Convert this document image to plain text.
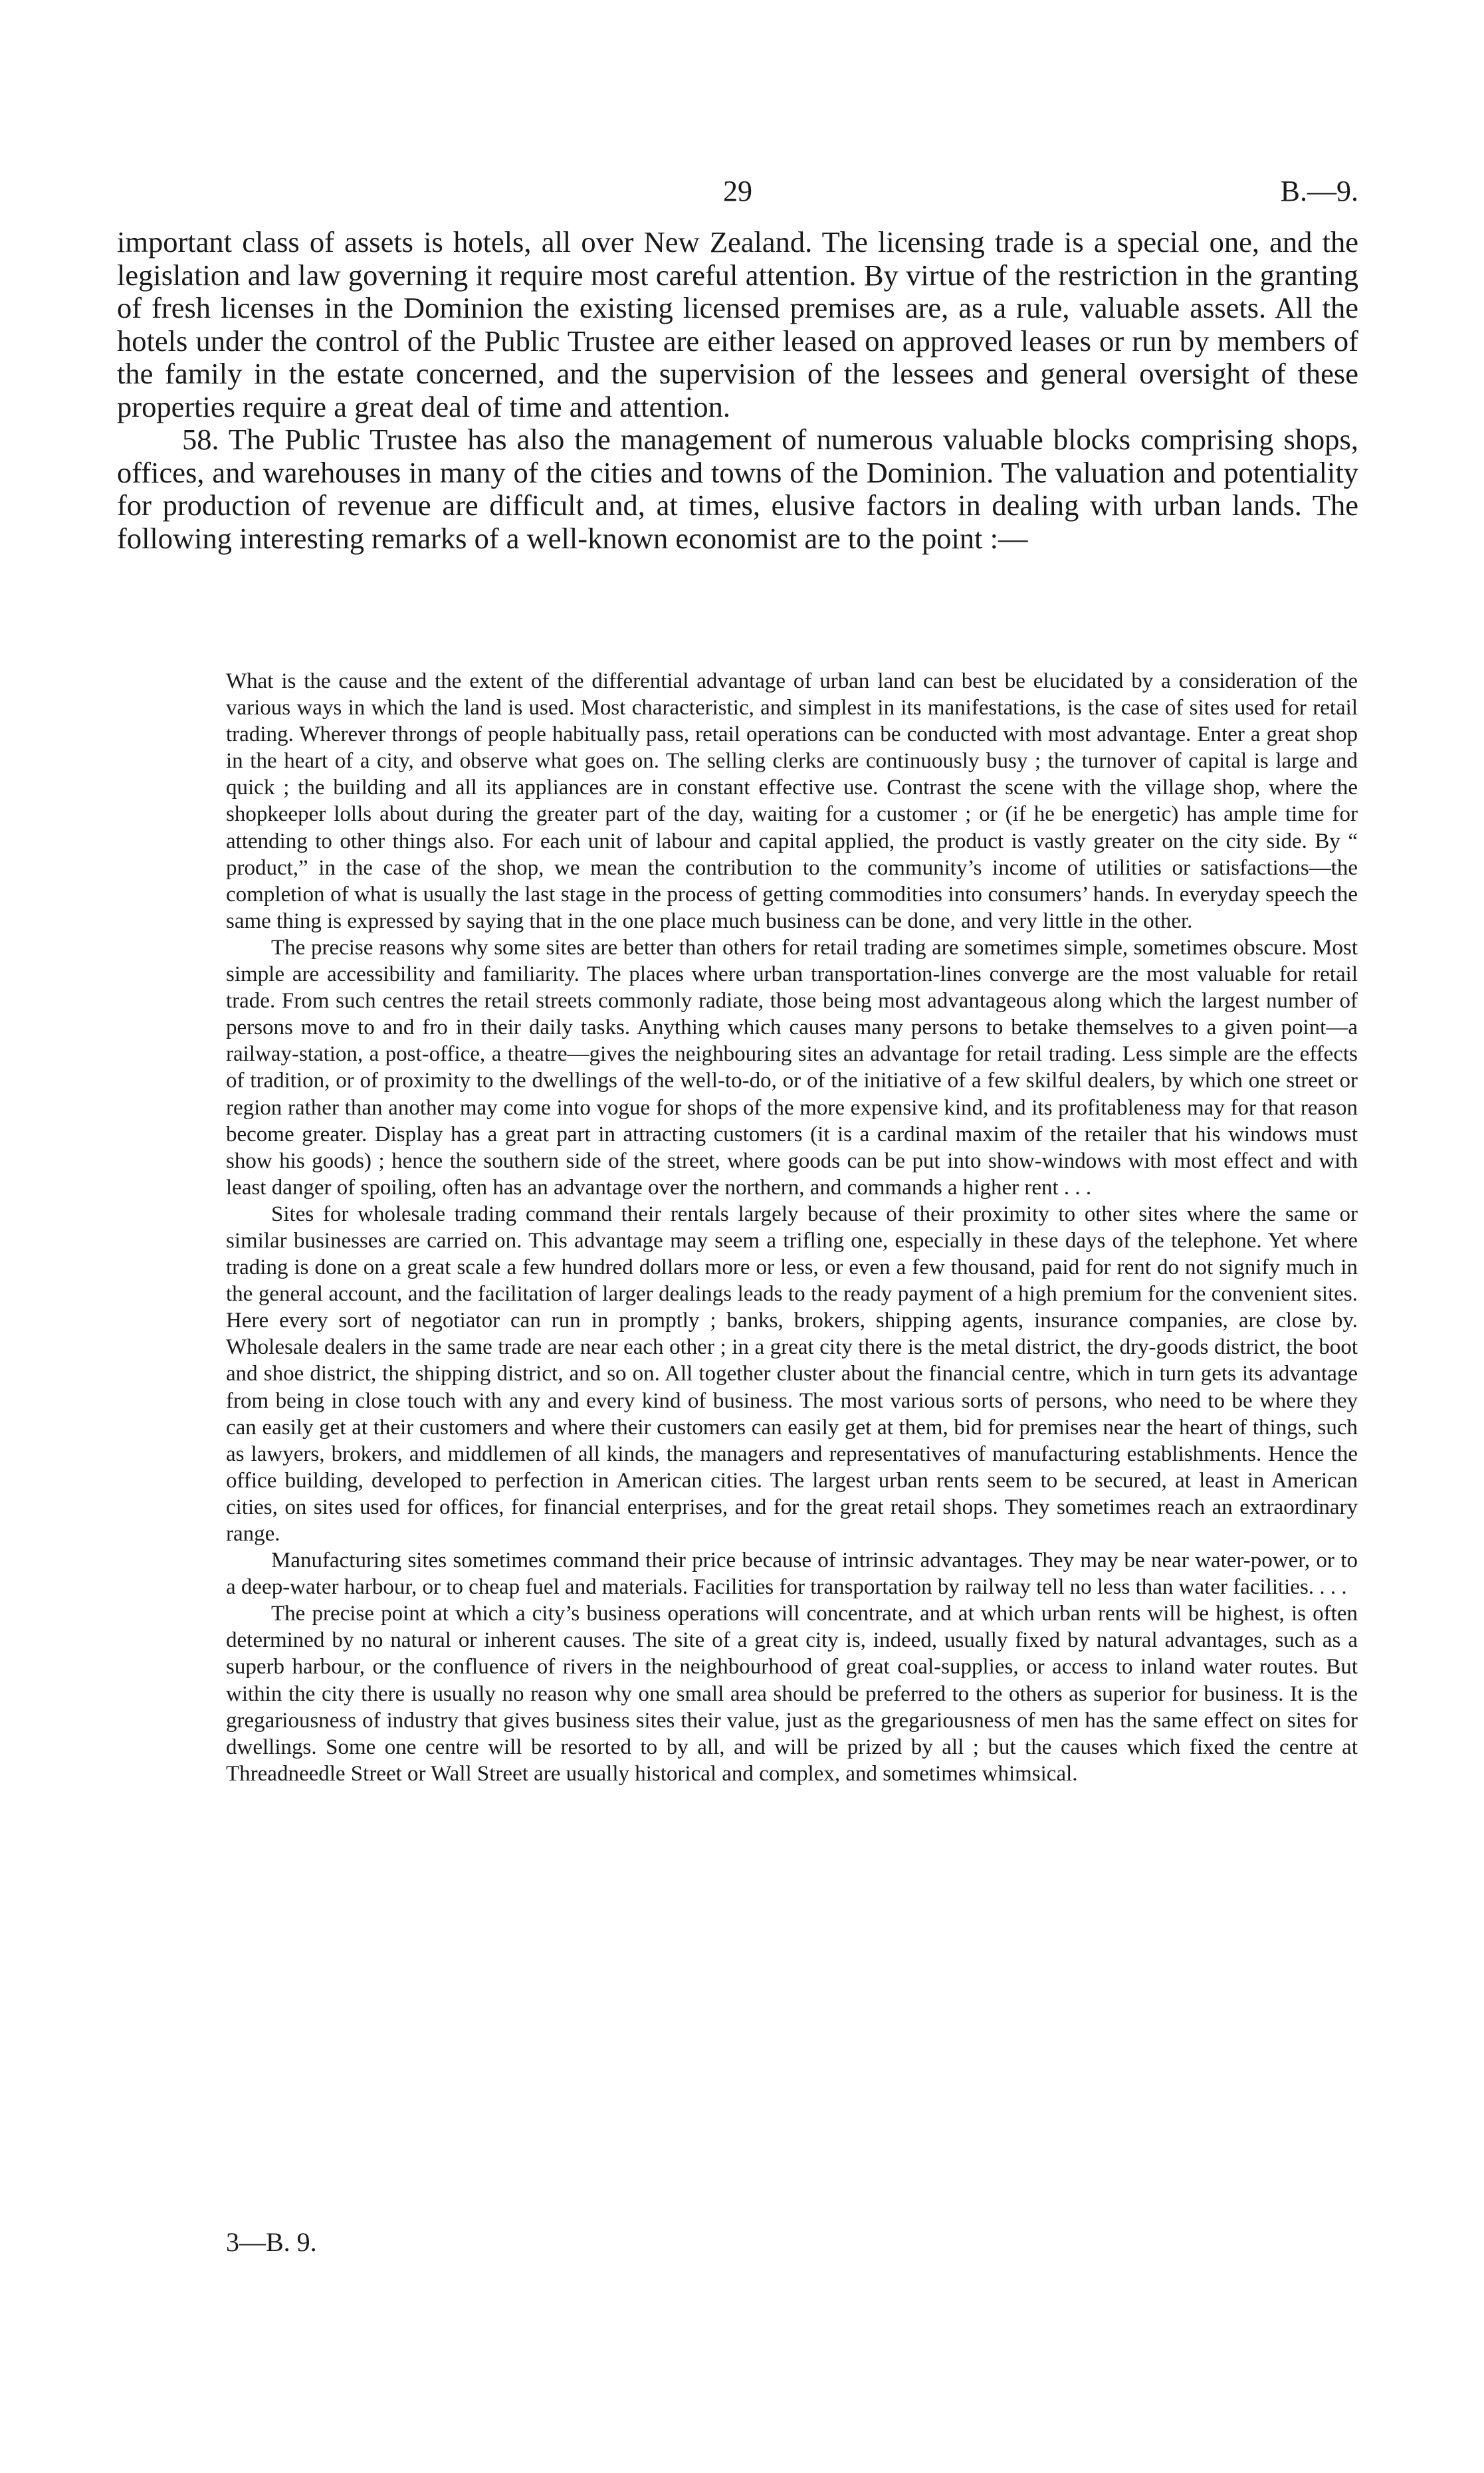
29	B.—9.

important class of assets is hotels, all over New Zealand. The licensing trade is a special one, and the legislation and law governing it require most careful attention. By virtue of the restriction in the granting of fresh licenses in the Dominion the existing licensed premises are, as a rule, valuable assets. All the hotels under the control of the Public Trustee are either leased on approved leases or run by members of the family in the estate concerned, and the supervision of the lessees and general oversight of these properties require a great deal of time and attention.

58. The Public Trustee has also the management of numerous valuable blocks comprising shops, offices, and warehouses in many of the cities and towns of the Dominion. The valuation and potentiality for production of revenue are difficult and, at times, elusive factors in dealing with urban lands. The following interesting remarks of a well-known economist are to the point :—

What is the cause and the extent of the differential advantage of urban land can best be elucidated by a consideration of the various ways in which the land is used. Most characteristic, and simplest in its manifestations, is the case of sites used for retail trading. Wherever throngs of people habitually pass, retail operations can be conducted with most advantage. Enter a great shop in the heart of a city, and observe what goes on. The selling clerks are continuously busy ; the turnover of capital is large and quick ; the building and all its appliances are in constant effective use. Contrast the scene with the village shop, where the shopkeeper lolls about during the greater part of the day, waiting for a customer ; or (if he be energetic) has ample time for attending to other things also. For each unit of labour and capital applied, the product is vastly greater on the city side. By “ product,” in the case of the shop, we mean the contribution to the community’s income of utilities or satisfactions—the completion of what is usually the last stage in the process of getting commodities into consumers’ hands. In everyday speech the same thing is expressed by saying that in the one place much business can be done, and very little in the other.

The precise reasons why some sites are better than others for retail trading are sometimes simple, sometimes obscure. Most simple are accessibility and familiarity. The places where urban transportation-lines converge are the most valuable for retail trade. From such centres the retail streets commonly radiate, those being most advantageous along which the largest number of persons move to and fro in their daily tasks. Anything which causes many persons to betake themselves to a given point—a railway-station, a post-office, a theatre—gives the neighbouring sites an advantage for retail trading. Less simple are the effects of tradition, or of proximity to the dwellings of the well-to-do, or of the initiative of a few skilful dealers, by which one street or region rather than another may come into vogue for shops of the more expensive kind, and its profitableness may for that reason become greater. Display has a great part in attracting customers (it is a cardinal maxim of the retailer that his windows must show his goods) ; hence the southern side of the street, where goods can be put into show-windows with most effect and with least danger of spoiling, often has an advantage over the northern, and commands a higher rent . . .

Sites for wholesale trading command their rentals largely because of their proximity to other sites where the same or similar businesses are carried on. This advantage may seem a trifling one, especially in these days of the telephone. Yet where trading is done on a great scale a few hundred dollars more or less, or even a few thousand, paid for rent do not signify much in the general account, and the facilitation of larger dealings leads to the ready payment of a high premium for the convenient sites. Here every sort of negotiator can run in promptly ; banks, brokers, shipping agents, insurance companies, are close by. Wholesale dealers in the same trade are near each other ; in a great city there is the metal district, the dry-goods district, the boot and shoe district, the shipping district, and so on. All together cluster about the financial centre, which in turn gets its advantage from being in close touch with any and every kind of business. The most various sorts of persons, who need to be where they can easily get at their customers and where their customers can easily get at them, bid for premises near the heart of things, such as lawyers, brokers, and middlemen of all kinds, the managers and representatives of manufacturing establishments. Hence the office building, developed to perfection in American cities. The largest urban rents seem to be secured, at least in American cities, on sites used for offices, for financial enterprises, and for the great retail shops. They sometimes reach an extraordinary range.

Manufacturing sites sometimes command their price because of intrinsic advantages. They may be near water-power, or to a deep-water harbour, or to cheap fuel and materials. Facilities for transportation by railway tell no less than water facilities. . . .

The precise point at which a city’s business operations will concentrate, and at which urban rents will be highest, is often determined by no natural or inherent causes. The site of a great city is, indeed, usually fixed by natural advantages, such as a superb harbour, or the confluence of rivers in the neighbourhood of great coal-supplies, or access to inland water routes. But within the city there is usually no reason why one small area should be preferred to the others as superior for business. It is the gregariousness of industry that gives business sites their value, just as the gregariousness of men has the same effect on sites for dwellings. Some one centre will be resorted to by all, and will be prized by all ; but the causes which fixed the centre at Threadneedle Street or Wall Street are usually historical and complex, and sometimes whimsical.

3—B. 9.
